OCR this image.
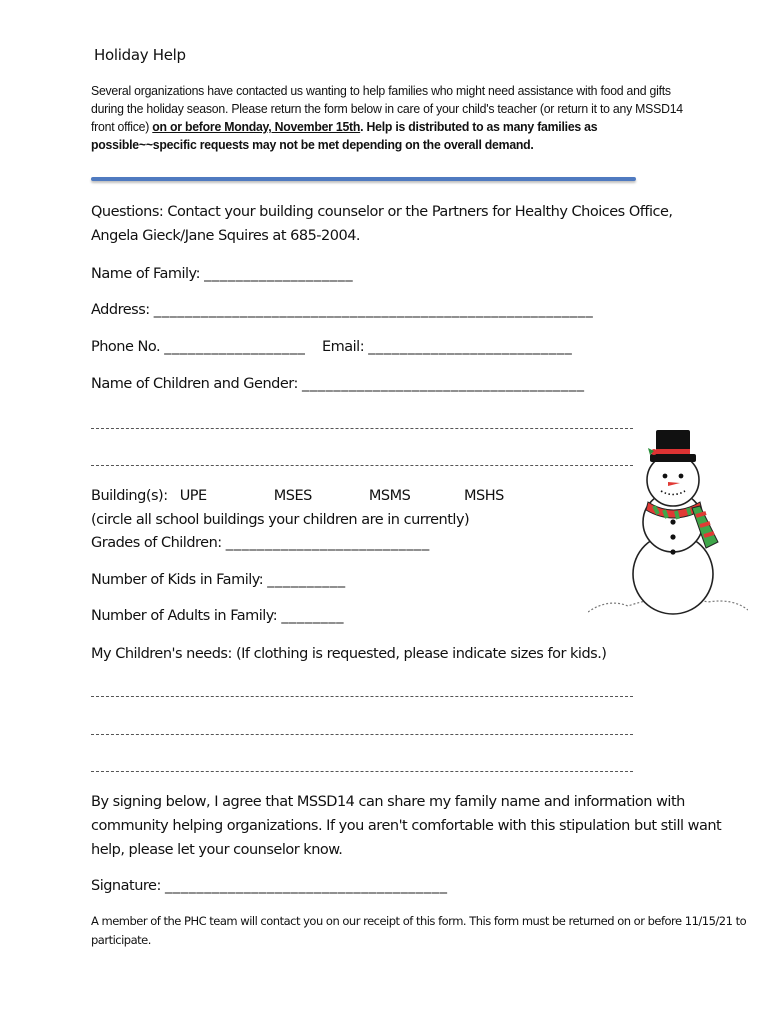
Holiday Help
Several organizations have contacted us wanting to help families who might need assistance with food and gifts during the holiday season. Please return the form below in care of your child's teacher (or return it to any MSSD14 front office) on or before Monday, November 15th. Help is distributed to as many families as possible~~specific requests may not be met depending on the overall demand.
Questions: Contact your building counselor or the Partners for Healthy Choices Office,
Angela Gieck/Jane Squires at 685-2004.
Name of Family: ___________________
Address: ________________________________________________________
Phone No. __________________ Email: __________________________
Name of Children and Gender: ____________________________________
Building(s): UPE	MSES	MSMS	MSHS
(circle all school buildings your children are in currently)
Grades of Children: __________________________
Number of Kids in Family: __________
Number of Adults in Family: ________
My Children's needs: (If clothing is requested, please indicate sizes for kids.)
By signing below, I agree that MSSD14 can share my family name and information with
community helping organizations. If you aren't comfortable with this stipulation but still want
help, please let your counselor know.
Signature: ____________________________________
A member of the PHC team will contact you on our receipt of this form. This form must be returned on or before 11/15/21 to
participate.
